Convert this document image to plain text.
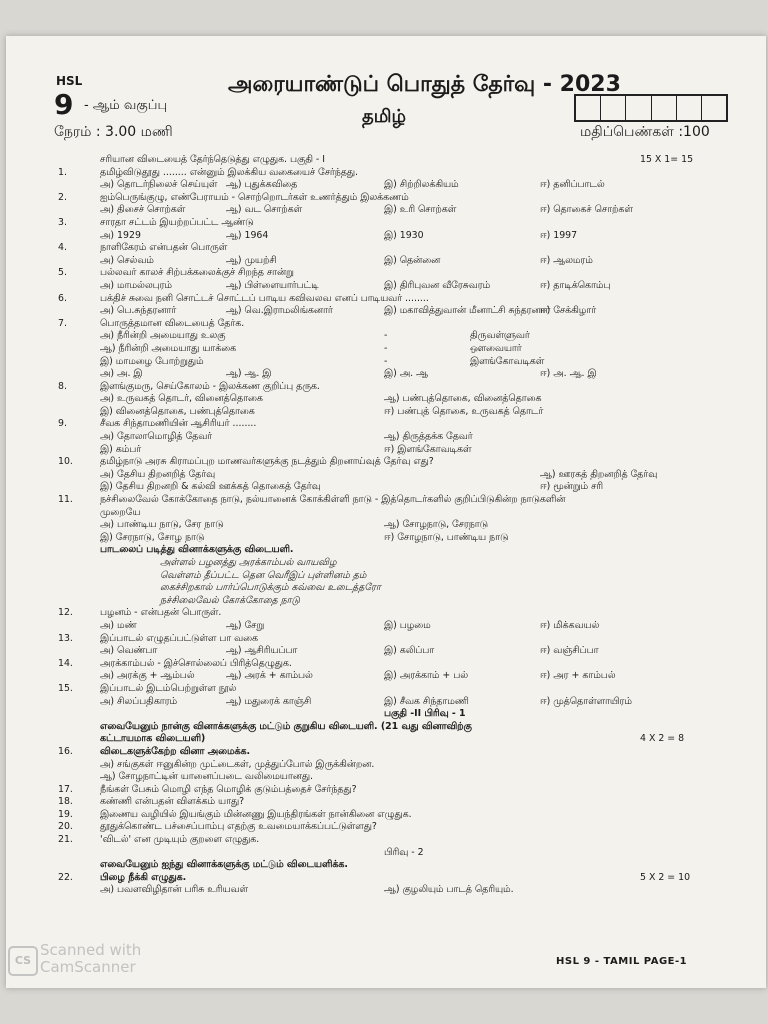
HSL
9 - ஆம் வகுப்பு
நேரம் : 3.00 மணி
அரையாண்டுப் பொதுத் தேர்வு - 2023
தமிழ்
மதிப்பெண்கள் :100
சரியான விடையைத் தேர்ந்தெடுத்து எழுதுக. பகுதி - I	15 X 1= 15
1.	தமிழ்விடுதூது ........ என்னும் இலக்கிய வகையைச் சேர்ந்தது.
அ) தொடர்நிலைச் செய்யுள் ஆ) புதுக்கவிதை	இ) சிற்றிலக்கியம்	ஈ) தனிப்பாடல்
2.	ஐம்பெருங்குழு, எண்பேராயம் - சொற்றொடர்கள் உணர்த்தும் இலக்கணம்
அ) திசைச் சொற்கள்	ஆ) வட சொற்கள்	இ) உரி சொற்கள்	ஈ) தொகைச் சொற்கள்
3.	சாரதா சட்டம் இயற்றப்பட்ட ஆண்டு
அ) 1929	ஆ) 1964	இ) 1930	ஈ) 1997
4.	நாளிகேரம் என்பதன் பொருள்
அ) செல்வம்	ஆ) முயற்சி	இ) தென்னை	ஈ) ஆலமரம்
5.	பல்லவர் காலச் சிற்பக்கலைக்குச் சிறந்த சான்று
அ) மாமல்லபுரம்	ஆ) பிள்ளையார்பட்டி	இ) திரிபுவன வீரேசுவரம்	ஈ) தாடிக்கொம்பு
6.	பக்திச் சுவை நனி சொட்டச் சொட்டப் பாடிய கவிவலவ எனப் பாடியவர் ........
அ) பெ.சுந்தரனார்	ஆ) வெ.இராமலிங்கனார்	இ) மகாவித்துவான் மீனாட்சி சுந்தரனார்
ஈ) சேக்கிழார்
7.	பொருத்தமான விடையைத் தேர்க.
அ) நீரின்றி அமையாது உலகு	-	திருவள்ளுவர்
ஆ) நீரின்றி அமையாது யாக்கை	-	ஔவையார்
இ) மாமழை போற்றுதும்	-	இளங்கோவடிகள்
அ) அ. இ	ஆ) ஆ. இ	இ) அ. ஆ	ஈ) அ. ஆ. இ
8.	இளங்குமரு, செய்கோலம் - இலக்கண குறிப்பு தருக.
அ) உருவகத் தொடர், வினைத்தொகை	ஆ) பண்புத்தொகை, வினைத்தொகை
இ) வினைத்தொகை, பண்புத்தொகை	ஈ) பண்புத் தொகை, உருவகத் தொடர்
9.	சீவக சிந்தாமணியின் ஆசிரியர் ........
அ) தோலாமொழித் தேவர்	ஆ) திருத்தக்க தேவர்
இ) கம்பர்	ஈ) இளங்கோவடிகள்
10.	தமிழ்நாடு அரசு கிராமப்புற மாணவர்களுக்கு நடத்தும் திறனாய்வுத் தேர்வு எது?
அ) தேசிய திறனறித் தேர்வு	ஆ) ஊரகத் திறனறித் தேர்வு
இ) தேசிய திறனறி & கல்வி ஊக்கத் தொகைத் தேர்வு	ஈ) மூன்றும் சரி
11.	நச்சிலைவேல் கோக்கோதை நாடு, நல்யானைக் கோக்கிள்ளி நாடு - இத்தொடர்களில் குறிப்பிடுகின்ற நாடுகளின்
முறையே
அ) பாண்டிய நாடு, சேர நாடு	ஆ) சோழநாடு, சேரநாடு
இ) சேரநாடு, சோழ நாடு	ஈ) சோழநாடு, பாண்டிய நாடு
பாடலைப் படித்து வினாக்களுக்கு விடையளி.
அள்ளல் பழனத்து அரக்காம்பல் வாயவிழ
வெள்ளம் தீப்பட்ட தென வெரீஇப் புள்ளினம் தம்
கைச்சிறகால் பார்ப்பொடுக்கும் கவ்வை உடைத்தரோ
நச்சிலைவேல் கோக்கோதை நாடு
12.	பழனம் - என்பதன் பொருள்.
அ) மண்	ஆ) சேறு	இ) பழமை	ஈ) மிக்கவயல்
13.	இப்பாடல் எழுதப்பட்டுள்ள பா வகை
அ) வெண்பா	ஆ) ஆசிரியப்பா	இ) கலிப்பா	ஈ) வஞ்சிப்பா
14.	அரக்காம்பல் - இச்சொல்லைப் பிரித்தெழுதுக.
அ) அரக்கு + ஆம்பல்	ஆ) அரக் + காம்பல்	இ) அரக்காம் + பல்	ஈ) அர + காம்பல்
15.	இப்பாடல் இடம்பெற்றுள்ள நூல்
அ) சிலப்பதிகாரம்	ஆ) மதுரைக் காஞ்சி	இ) சீவக சிந்தாமணி	ஈ) முத்தொள்ளாயிரம்
பகுதி -II பிரிவு - 1
எவையேனும் நான்கு வினாக்களுக்கு மட்டும் குறுகிய விடையளி. (21 வது வினாவிற்கு
கட்டாயமாக விடையளி)	4 X 2 = 8
16.	விடைகளுக்கேற்ற வினா அமைக்க.
அ) சங்குகள் ஈனுகின்ற முட்டைகள், முத்துப்போல் இருக்கின்றன.
ஆ) சோழநாட்டின் யானைப்படை வலிமையானது.
17.	நீங்கள் பேசும் மொழி எந்த மொழிக் குடும்பத்தைச் சேர்ந்தது?
18.	கண்ணி என்பதன் விளக்கம் யாது?
19.	இணைய வழியில் இயங்கும் மின்னணு இயந்திரங்கள் நான்கினை எழுதுக.
20.	தூதுக்கொண்ட பச்சைப்பாம்பு எதற்கு உவமையாக்கப்பட்டுள்ளது?
21.	'விடல்' என முடியும் குறளை எழுதுக.
பிரிவு - 2
எவையேனும் ஐந்து வினாக்களுக்கு மட்டும் விடையளிக்க.
22.	பிழை நீக்கி எழுதுக.	5 X 2 = 10
அ) பவளவிழிதான் பரிசு உரியவள்	ஆ) குழலியும் பாடத் தெரியும்.
HSL 9 - TAMIL PAGE-1
CS
Scanned with
CamScanner
